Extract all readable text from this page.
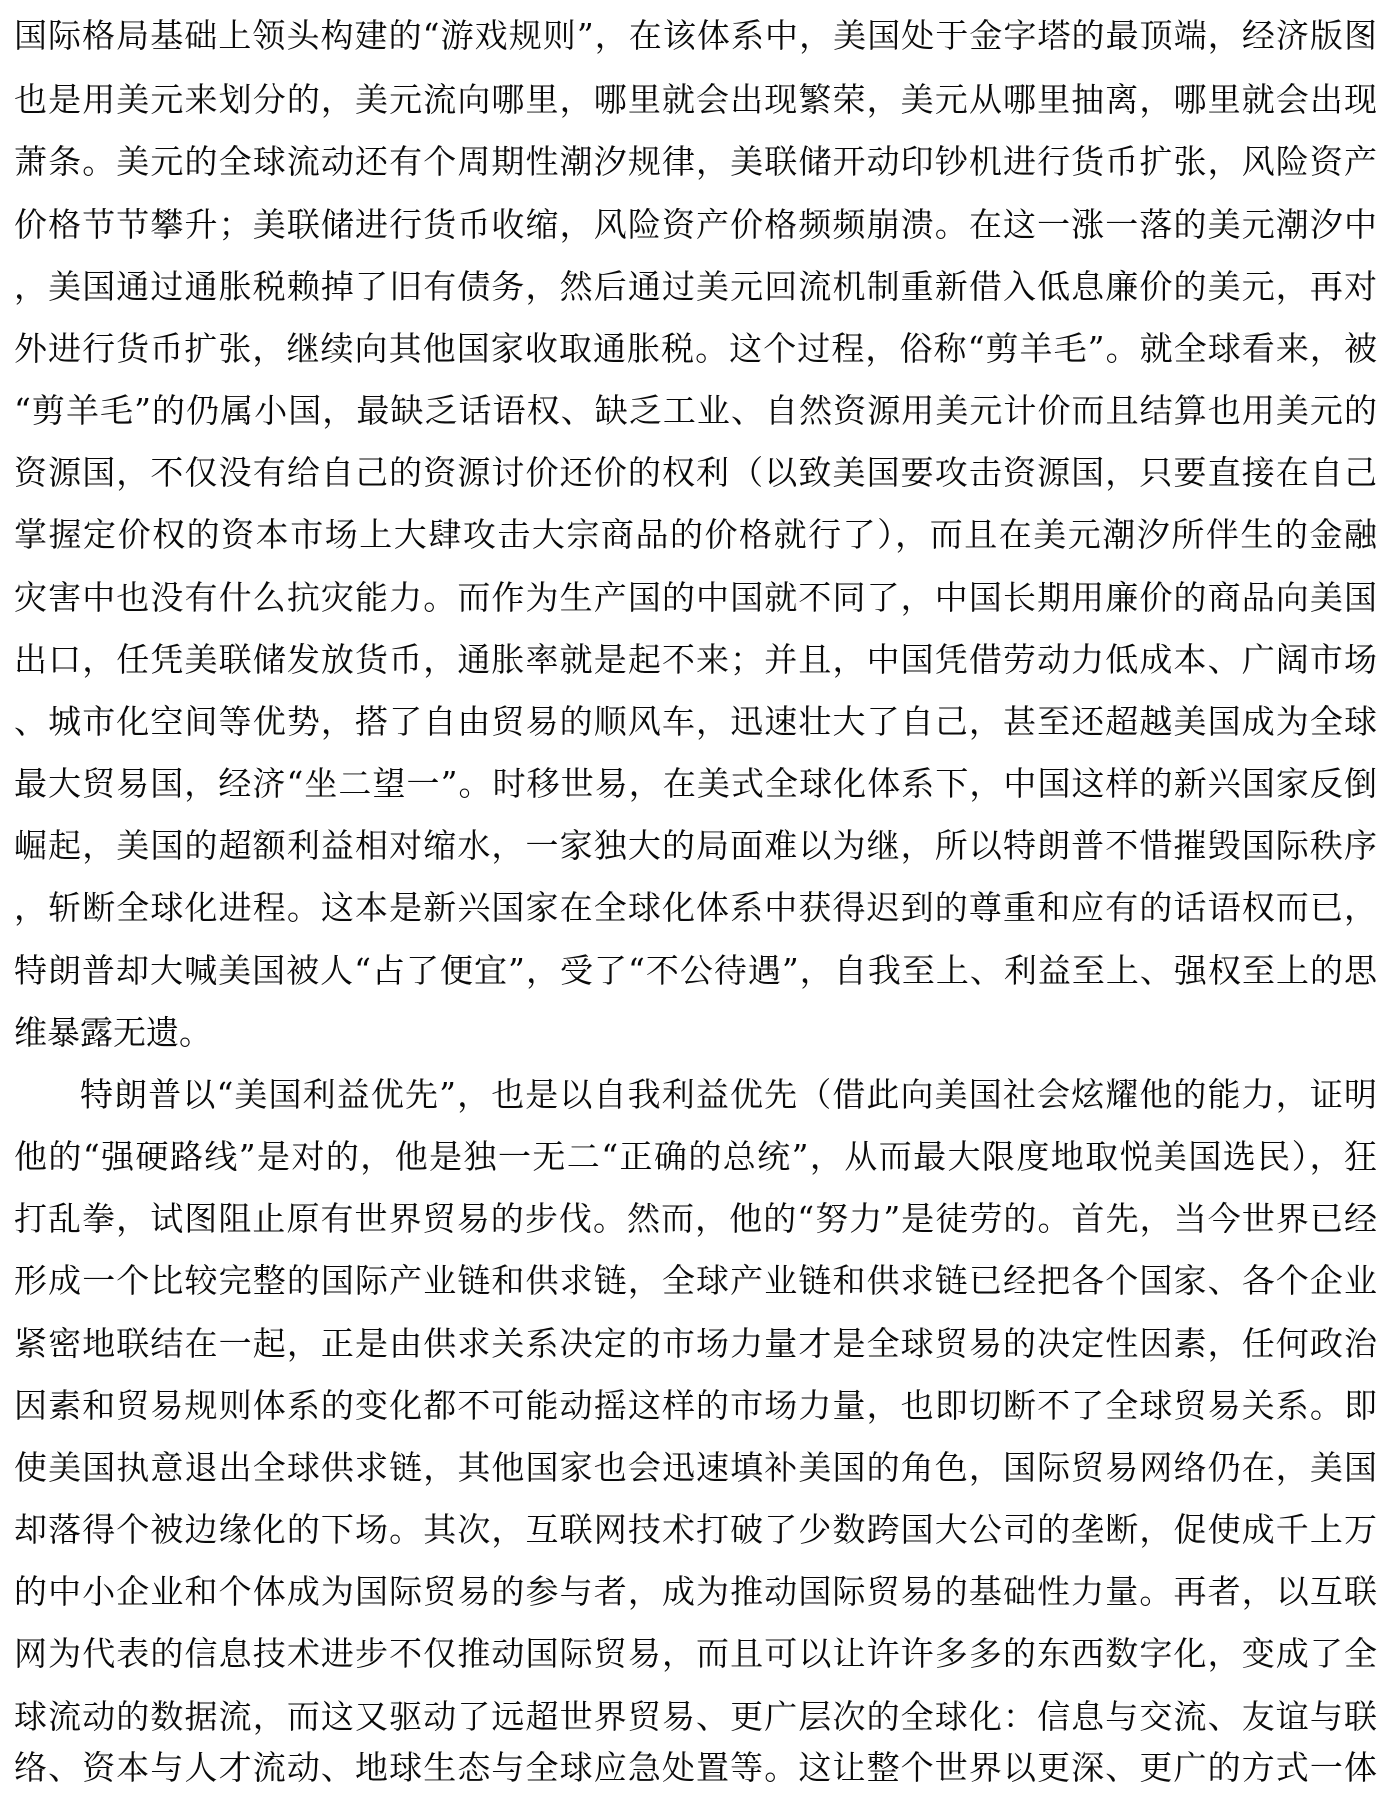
国际格局基础上领头构建的“游戏规则”，在该体系中，美国处于金字塔的最顶端，经济版图
也是用美元来划分的，美元流向哪里，哪里就会出现繁荣，美元从哪里抽离，哪里就会出现
萧条。美元的全球流动还有个周期性潮汐规律，美联储开动印钞机进行货币扩张，风险资产
价格节节攀升；美联储进行货币收缩，风险资产价格频频崩溃。在这一涨一落的美元潮汐中
，美国通过通胀税赖掉了旧有债务，然后通过美元回流机制重新借入低息廉价的美元，再对
外进行货币扩张，继续向其他国家收取通胀税。这个过程，俗称“剪羊毛”。就全球看来，被
“剪羊毛”的仍属小国，最缺乏话语权、缺乏工业、自然资源用美元计价而且结算也用美元的
资源国，不仅没有给自己的资源讨价还价的权利（以致美国要攻击资源国，只要直接在自己
掌握定价权的资本市场上大肆攻击大宗商品的价格就行了），而且在美元潮汐所伴生的金融
灾害中也没有什么抗灾能力。而作为生产国的中国就不同了，中国长期用廉价的商品向美国
出口，任凭美联储发放货币，通胀率就是起不来；并且，中国凭借劳动力低成本、广阔市场
、城市化空间等优势，搭了自由贸易的顺风车，迅速壮大了自己，甚至还超越美国成为全球
最大贸易国，经济“坐二望一”。时移世易，在美式全球化体系下，中国这样的新兴国家反倒
崛起，美国的超额利益相对缩水，一家独大的局面难以为继，所以特朗普不惜摧毁国际秩序
，斩断全球化进程。这本是新兴国家在全球化体系中获得迟到的尊重和应有的话语权而已，
特朗普却大喊美国被人“占了便宜”，受了“不公待遇”，自我至上、利益至上、强权至上的思
维暴露无遗。
特朗普以“美国利益优先”，也是以自我利益优先（借此向美国社会炫耀他的能力，证明
他的“强硬路线”是对的，他是独一无二“正确的总统”，从而最大限度地取悦美国选民），狂
打乱拳，试图阻止原有世界贸易的步伐。然而，他的“努力”是徒劳的。首先，当今世界已经
形成一个比较完整的国际产业链和供求链，全球产业链和供求链已经把各个国家、各个企业
紧密地联结在一起，正是由供求关系决定的市场力量才是全球贸易的决定性因素，任何政治
因素和贸易规则体系的变化都不可能动摇这样的市场力量，也即切断不了全球贸易关系。即
使美国执意退出全球供求链，其他国家也会迅速填补美国的角色，国际贸易网络仍在，美国
却落得个被边缘化的下场。其次，互联网技术打破了少数跨国大公司的垄断，促使成千上万
的中小企业和个体成为国际贸易的参与者，成为推动国际贸易的基础性力量。再者，以互联
网为代表的信息技术进步不仅推动国际贸易，而且可以让许许多多的东西数字化，变成了全
球流动的数据流，而这又驱动了远超世界贸易、更广层次的全球化：信息与交流、友谊与联
络、资本与人才流动、地球生态与全球应急处置等。这让整个世界以更深、更广的方式一体
